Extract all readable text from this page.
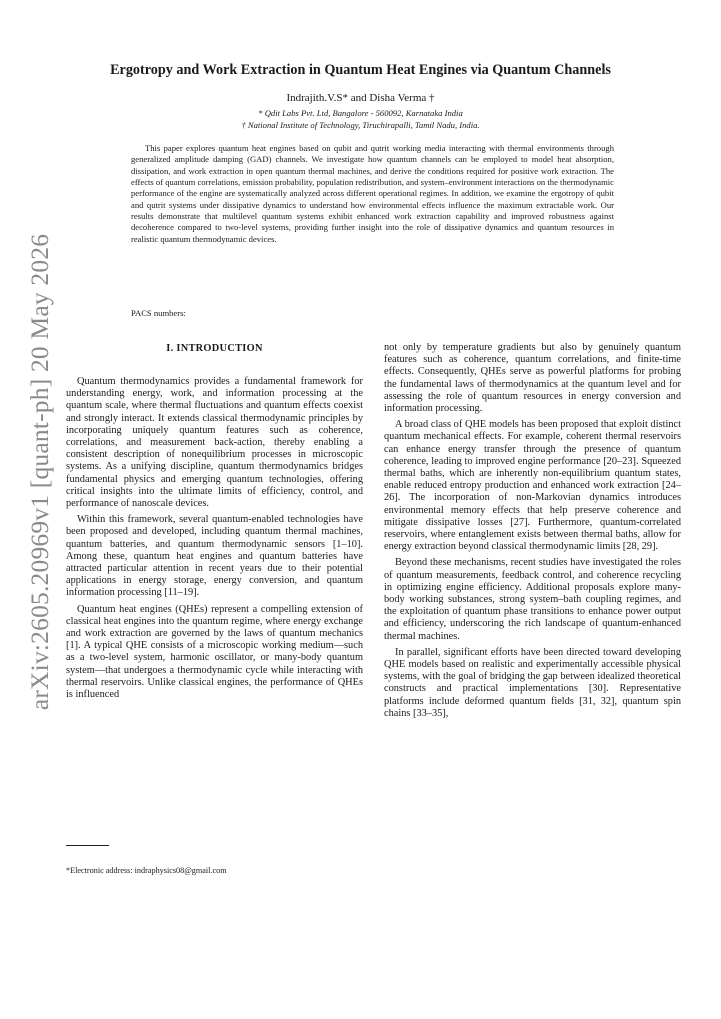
arXiv:2605.20969v1 [quant-ph] 20 May 2026
Ergotropy and Work Extraction in Quantum Heat Engines via Quantum Channels
Indrajith.V.S* and Disha Verma †
* Qdit Labs Pvt. Ltd, Bangalore - 560092, Karnataka India
† National Institute of Technology, Tiruchirapalli, Tamil Nadu, India.

This paper explores quantum heat engines based on qubit and qutrit working media interacting with thermal environments through generalized amplitude damping (GAD) channels. We investigate how quantum channels can be employed to model heat absorption, dissipation, and work extraction in open quantum thermal machines, and derive the conditions required for positive work extraction. The effects of quantum correlations, emission probability, population redistribution, and system–environment interactions on the thermodynamic performance of the engine are systematically analyzed across different operational regimes. In addition, we examine the ergotropy of qubit and qutrit systems under dissipative dynamics to understand how environmental effects influence the maximum extractable work. Our results demonstrate that multilevel quantum systems exhibit enhanced work extraction capability and improved robustness against decoherence compared to two-level systems, providing further insight into the role of dissipative dynamics and quantum resources in realistic quantum thermodynamic devices.

PACS numbers:
I. INTRODUCTION

Quantum thermodynamics provides a fundamental framework for understanding energy, work, and information processing at the quantum scale, where thermal fluctuations and quantum effects coexist and strongly interact. It extends classical thermodynamic principles by incorporating uniquely quantum features such as coherence, correlations, and measurement back-action, thereby enabling a consistent description of nonequilibrium processes in microscopic systems. As a unifying discipline, quantum thermodynamics bridges fundamental physics and emerging quantum technologies, offering critical insights into the ultimate limits of efficiency, control, and performance of nanoscale devices.

Within this framework, several quantum-enabled technologies have been proposed and developed, including quantum thermal machines, quantum batteries, and quantum thermodynamic sensors [1–10]. Among these, quantum heat engines and quantum batteries have attracted particular attention in recent years due to their potential applications in energy storage, energy conversion, and quantum information processing [11–19].

Quantum heat engines (QHEs) represent a compelling extension of classical heat engines into the quantum regime, where energy exchange and work extraction are governed by the laws of quantum mechanics [1]. A typical QHE consists of a microscopic working medium—such as a two-level system, harmonic oscillator, or many-body quantum system—that undergoes a thermodynamic cycle while interacting with thermal reservoirs. Unlike classical engines, the performance of QHEs is influenced

not only by temperature gradients but also by genuinely quantum features such as coherence, quantum correlations, and finite-time effects. Consequently, QHEs serve as powerful platforms for probing the fundamental laws of thermodynamics at the quantum level and for assessing the role of quantum resources in energy conversion and information processing.

A broad class of QHE models has been proposed that exploit distinct quantum mechanical effects. For example, coherent thermal reservoirs can enhance energy transfer through the presence of quantum coherence, leading to improved engine performance [20–23]. Squeezed thermal baths, which are inherently non-equilibrium quantum states, enable reduced entropy production and enhanced work extraction [24–26]. The incorporation of non-Markovian dynamics introduces environmental memory effects that help preserve coherence and mitigate dissipative losses [27]. Furthermore, quantum-correlated reservoirs, where entanglement exists between thermal baths, allow for energy extraction beyond classical thermodynamic limits [28, 29].

Beyond these mechanisms, recent studies have investigated the roles of quantum measurements, feedback control, and coherence recycling in optimizing engine efficiency. Additional proposals explore many-body working substances, strong system–bath coupling regimes, and the exploitation of quantum phase transitions to enhance power output and efficiency, underscoring the rich landscape of quantum-enhanced thermal machines.

In parallel, significant efforts have been directed toward developing QHE models based on realistic and experimentally accessible physical systems, with the goal of bridging the gap between idealized theoretical constructs and practical implementations [30]. Representative platforms include deformed quantum fields [31, 32], quantum spin chains [33–35],

*Electronic address: indraphysics08@gmail.com
